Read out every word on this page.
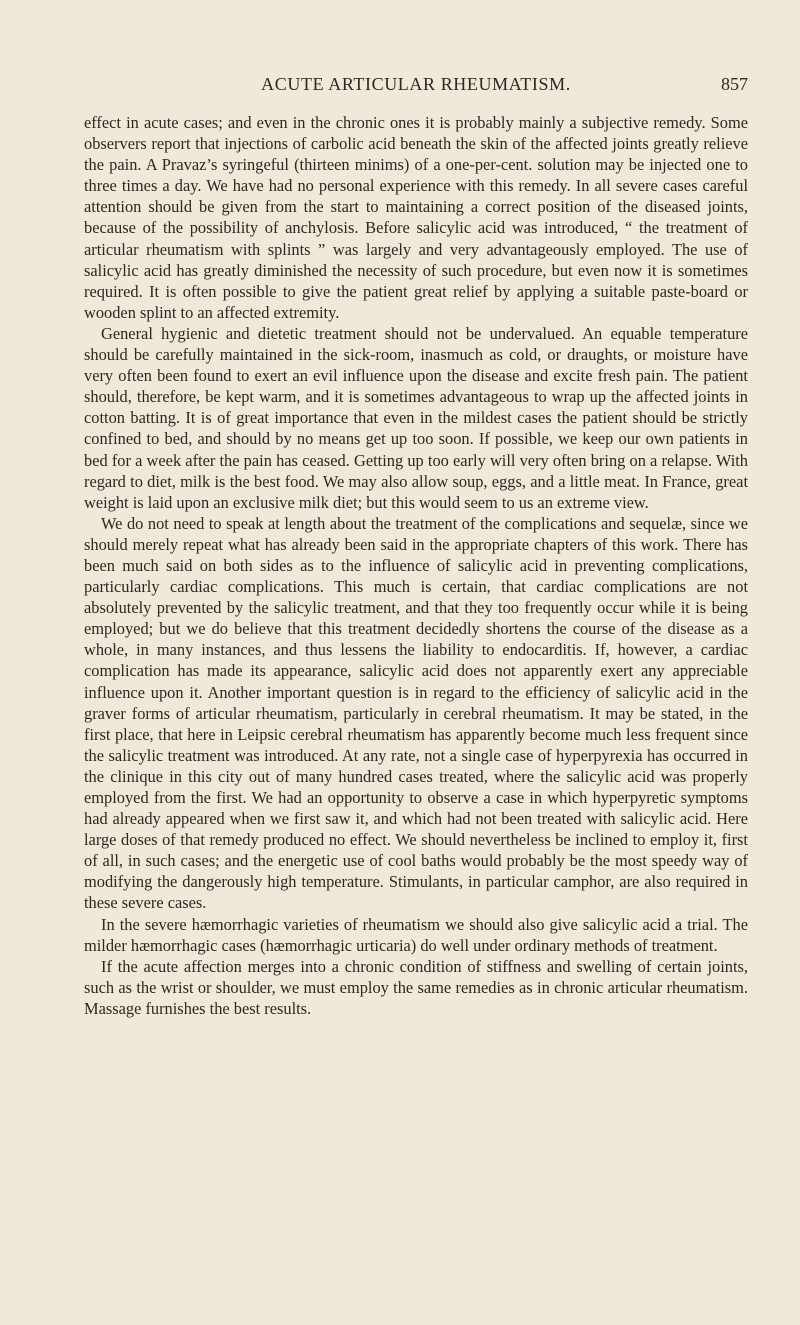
ACUTE ARTICULAR RHEUMATISM.	857

effect in acute cases; and even in the chronic ones it is probably mainly a subjective remedy. Some observers report that injections of carbolic acid beneath the skin of the affected joints greatly relieve the pain. A Pravaz’s syringeful (thirteen minims) of a one-per-cent. solution may be injected one to three times a day. We have had no personal experience with this remedy. In all severe cases careful attention should be given from the start to maintaining a correct position of the diseased joints, because of the possibility of anchylosis. Before salicylic acid was introduced, “ the treatment of articular rheumatism with splints ” was largely and very advantageously employed. The use of salicylic acid has greatly diminished the necessity of such procedure, but even now it is sometimes required. It is often possible to give the patient great relief by applying a suitable paste-board or wooden splint to an affected extremity.

General hygienic and dietetic treatment should not be undervalued. An equable temperature should be carefully maintained in the sick-room, inasmuch as cold, or draughts, or moisture have very often been found to exert an evil influence upon the disease and excite fresh pain. The patient should, therefore, be kept warm, and it is sometimes advantageous to wrap up the affected joints in cotton batting. It is of great importance that even in the mildest cases the patient should be strictly confined to bed, and should by no means get up too soon. If possible, we keep our own patients in bed for a week after the pain has ceased. Getting up too early will very often bring on a relapse. With regard to diet, milk is the best food. We may also allow soup, eggs, and a little meat. In France, great weight is laid upon an exclusive milk diet; but this would seem to us an extreme view.

We do not need to speak at length about the treatment of the complications and sequelæ, since we should merely repeat what has already been said in the appropriate chapters of this work. There has been much said on both sides as to the influence of salicylic acid in preventing complications, particularly cardiac complications. This much is certain, that cardiac complications are not absolutely prevented by the salicylic treatment, and that they too frequently occur while it is being employed; but we do believe that this treatment decidedly shortens the course of the disease as a whole, in many instances, and thus lessens the liability to endocarditis. If, however, a cardiac complication has made its appearance, salicylic acid does not apparently exert any appreciable influence upon it. Another important question is in regard to the efficiency of salicylic acid in the graver forms of articular rheumatism, particularly in cerebral rheumatism. It may be stated, in the first place, that here in Leipsic cerebral rheumatism has apparently become much less frequent since the salicylic treatment was introduced. At any rate, not a single case of hyperpyrexia has occurred in the clinique in this city out of many hundred cases treated, where the salicylic acid was properly employed from the first. We had an opportunity to observe a case in which hyperpyretic symptoms had already appeared when we first saw it, and which had not been treated with salicylic acid. Here large doses of that remedy produced no effect. We should nevertheless be inclined to employ it, first of all, in such cases; and the energetic use of cool baths would probably be the most speedy way of modifying the dangerously high temperature. Stimulants, in particular camphor, are also required in these severe cases.

In the severe hæmorrhagic varieties of rheumatism we should also give salicylic acid a trial. The milder hæmorrhagic cases (hæmorrhagic urticaria) do well under ordinary methods of treatment.

If the acute affection merges into a chronic condition of stiffness and swelling of certain joints, such as the wrist or shoulder, we must employ the same remedies as in chronic articular rheumatism. Massage furnishes the best results.
